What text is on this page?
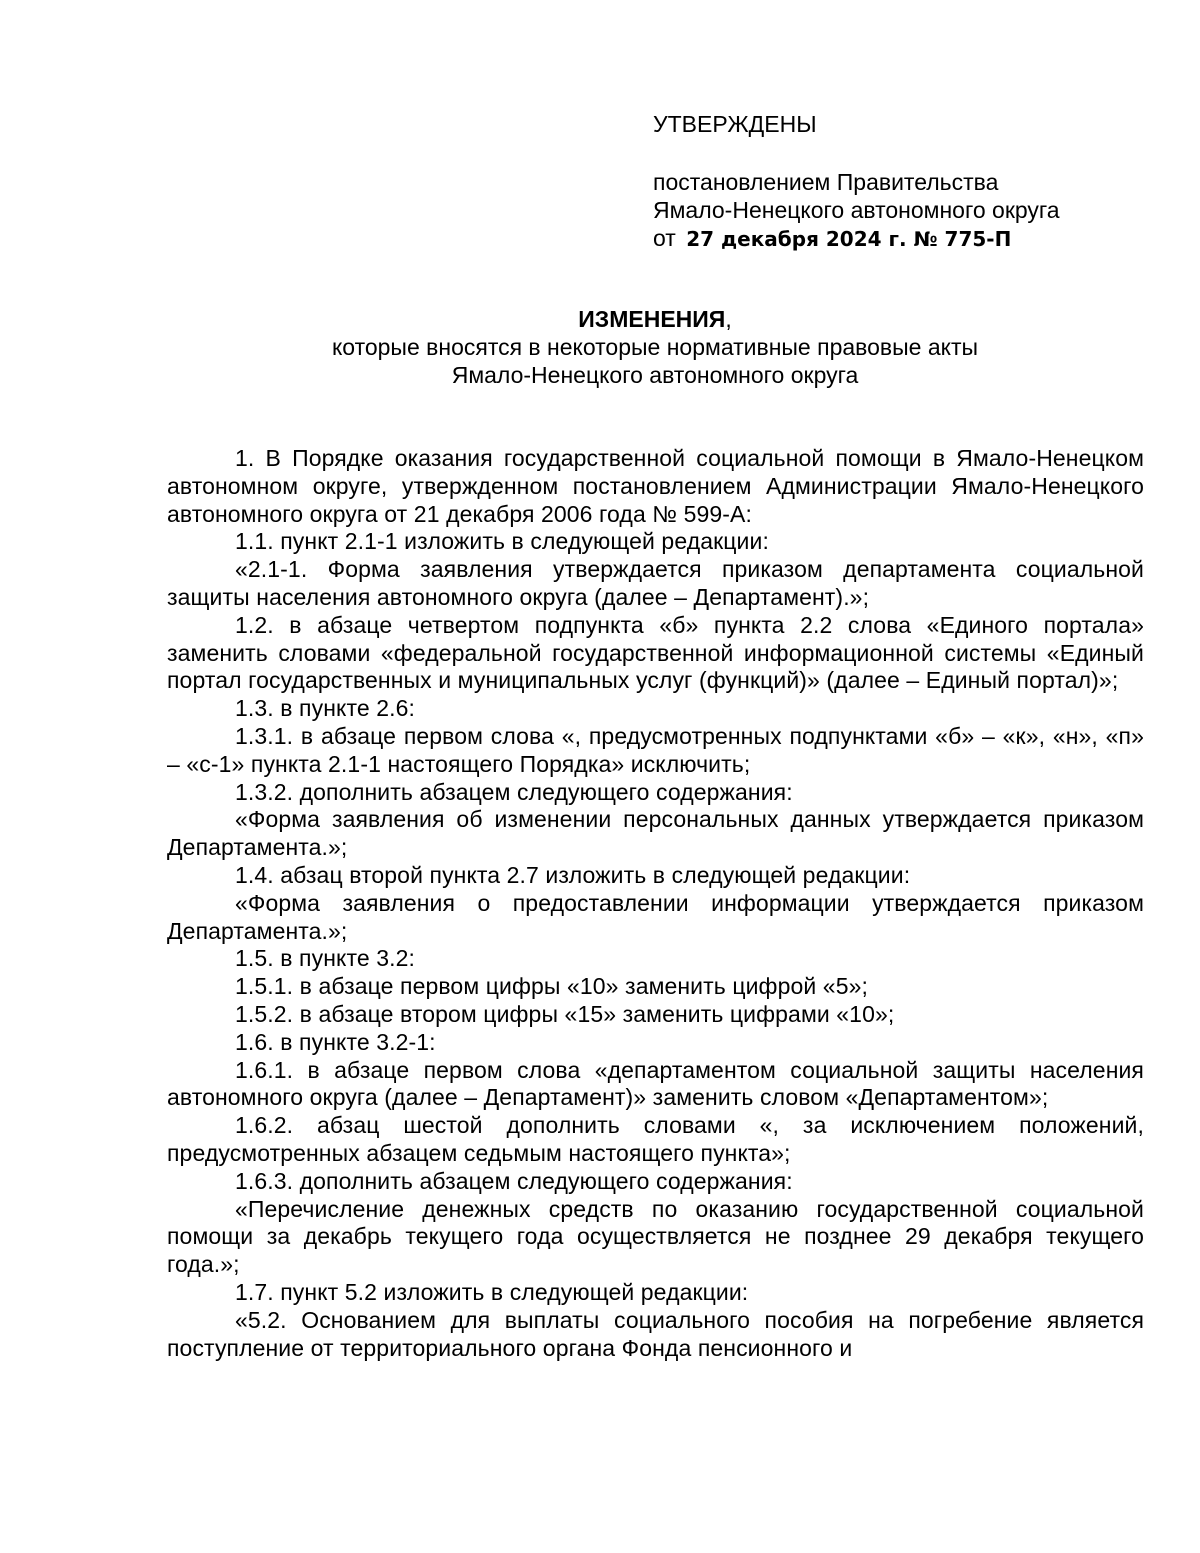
УТВЕРЖДЕНЫ
постановлением Правительства
Ямало-Ненецкого автономного округа
от 27 декабря 2024 г. № 775-П
ИЗМЕНЕНИЯ,
которые вносятся в некоторые нормативные правовые акты
Ямало-Ненецкого автономного округа

1. В Порядке оказания государственной социальной помощи в Ямало-Ненецком автономном округе, утвержденном постановлением Администрации Ямало-Ненецкого автономного округа от 21 декабря 2006 года № 599-А:

1.1. пункт 2.1-1 изложить в следующей редакции:

«2.1-1. Форма заявления утверждается приказом департамента социальной защиты населения автономного округа (далее – Департамент).»;

1.2. в абзаце четвертом подпункта «б» пункта 2.2 слова «Единого портала» заменить словами «федеральной государственной информационной системы «Единый портал государственных и муниципальных услуг (функций)» (далее – Единый портал)»;

1.3. в пункте 2.6:

1.3.1. в абзаце первом слова «, предусмотренных подпунктами «б» – «к», «н», «п» – «с-1» пункта 2.1-1 настоящего Порядка» исключить;

1.3.2. дополнить абзацем следующего содержания:

«Форма заявления об изменении персональных данных утверждается приказом Департамента.»;

1.4. абзац второй пункта 2.7 изложить в следующей редакции:

«Форма заявления о предоставлении информации утверждается приказом Департамента.»;

1.5. в пункте 3.2:

1.5.1. в абзаце первом цифры «10» заменить цифрой «5»;

1.5.2. в абзаце втором цифры «15» заменить цифрами «10»;

1.6. в пункте 3.2-1:

1.6.1. в абзаце первом слова «департаментом социальной защиты населения автономного округа (далее – Департамент)» заменить словом «Департаментом»;

1.6.2. абзац шестой дополнить словами «, за исключением положений, предусмотренных абзацем седьмым настоящего пункта»;

1.6.3. дополнить абзацем следующего содержания:

«Перечисление денежных средств по оказанию государственной социальной помощи за декабрь текущего года осуществляется не позднее 29 декабря текущего года.»;

1.7. пункт 5.2 изложить в следующей редакции:

«5.2. Основанием для выплаты социального пособия на погребение является поступление от территориального органа Фонда пенсионного и
